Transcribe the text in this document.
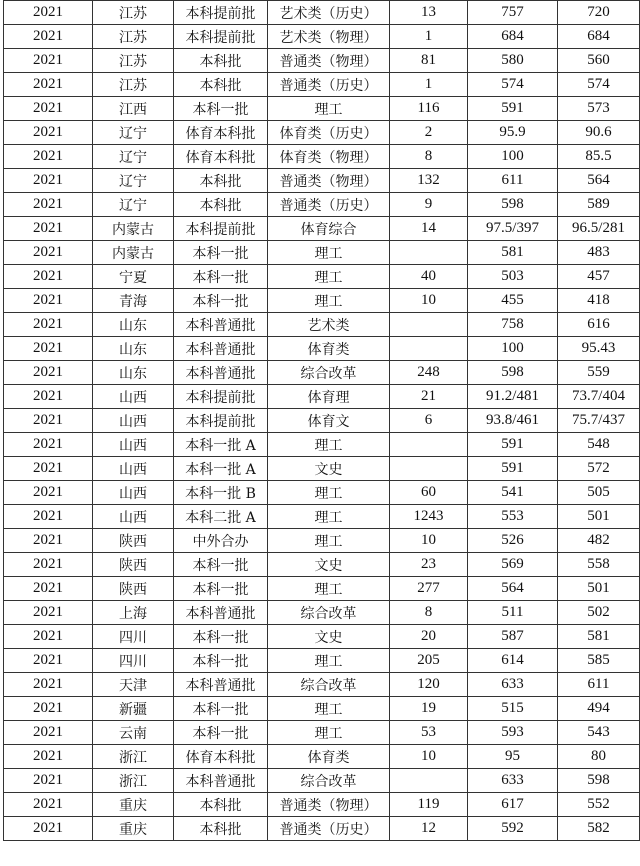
2021	江苏	本科提前批	艺术类（历史）	13	757	720
2021	江苏	本科提前批	艺术类（物理）	1	684	684
2021	江苏	本科批	普通类（物理）	81	580	560
2021	江苏	本科批	普通类（历史）	1	574	574
2021	江西	本科一批	理工	116	591	573
2021	辽宁	体育本科批	体育类（历史）	2	95.9	90.6
2021	辽宁	体育本科批	体育类（物理）	8	100	85.5
2021	辽宁	本科批	普通类（物理）	132	611	564
2021	辽宁	本科批	普通类（历史）	9	598	589
2021	内蒙古	本科提前批	体育综合	14	97.5/397	96.5/281
2021	内蒙古	本科一批	理工		581	483
2021	宁夏	本科一批	理工	40	503	457
2021	青海	本科一批	理工	10	455	418
2021	山东	本科普通批	艺术类		758	616
2021	山东	本科普通批	体育类		100	95.43
2021	山东	本科普通批	综合改革	248	598	559
2021	山西	本科提前批	体育理	21	91.2/481	73.7/404
2021	山西	本科提前批	体育文	6	93.8/461	75.7/437
2021	山西	本科一批 A	理工		591	548
2021	山西	本科一批 A	文史		591	572
2021	山西	本科一批 B	理工	60	541	505
2021	山西	本科二批 A	理工	1243	553	501
2021	陕西	中外合办	理工	10	526	482
2021	陕西	本科一批	文史	23	569	558
2021	陕西	本科一批	理工	277	564	501
2021	上海	本科普通批	综合改革	8	511	502
2021	四川	本科一批	文史	20	587	581
2021	四川	本科一批	理工	205	614	585
2021	天津	本科普通批	综合改革	120	633	611
2021	新疆	本科一批	理工	19	515	494
2021	云南	本科一批	理工	53	593	543
2021	浙江	体育本科批	体育类	10	95	80
2021	浙江	本科普通批	综合改革		633	598
2021	重庆	本科批	普通类（物理）	119	617	552
2021	重庆	本科批	普通类（历史）	12	592	582
